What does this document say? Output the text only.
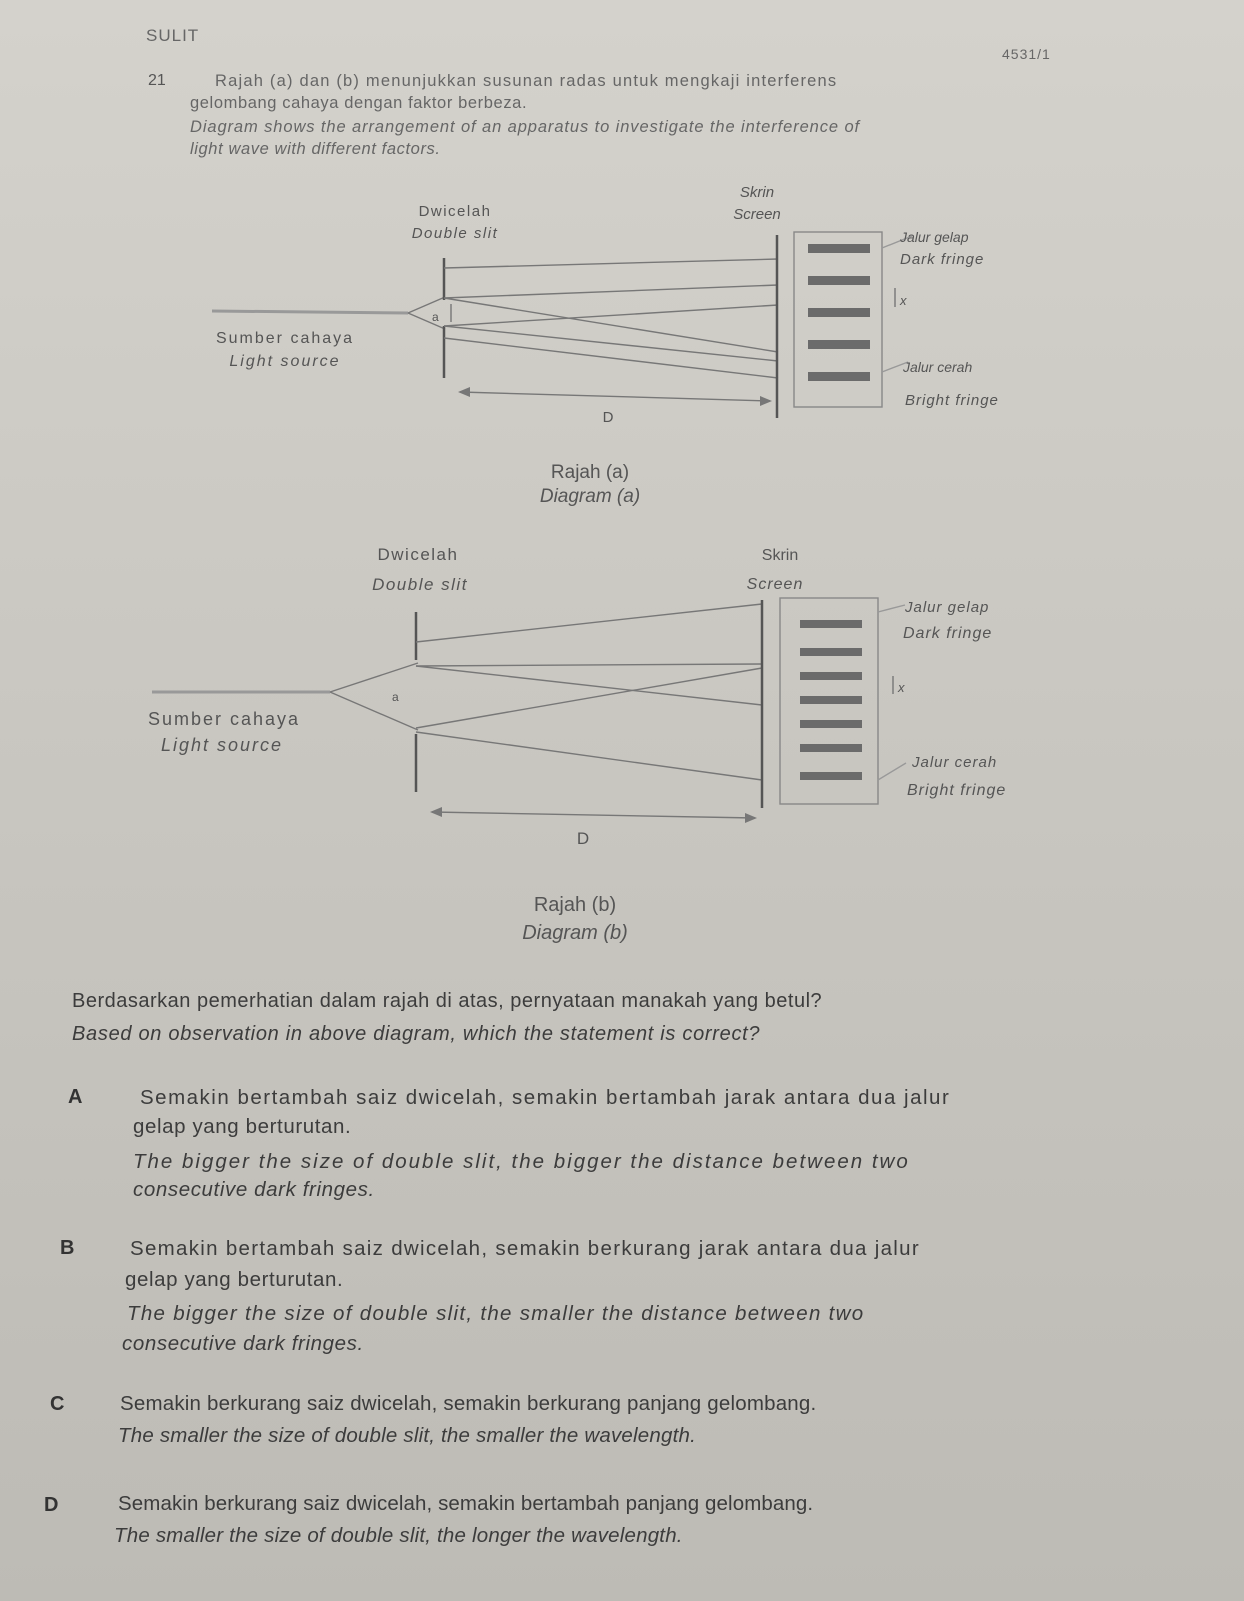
SULIT
4531/1
21	Rajah (a) dan (b) menunjukkan susunan radas untuk mengkaji interferens
gelombang cahaya dengan faktor berbeza.
Diagram shows the arrangement of an apparatus to investigate the interference of
light wave with different factors.
Skrin
Screen
Dwicelah
Double slit
Sumber cahaya
Light source
Jalur gelap
Dark fringe
Jalur cerah
Bright fringe
a
x
D
Rajah (a)
Diagram (a)
Skrin
Screen
Dwicelah
Double slit
Sumber cahaya
Light source
Jalur gelap
Dark fringe
Jalur cerah
Bright fringe
a
x
D
Rajah (b)
Diagram (b)
Berdasarkan pemerhatian dalam rajah di atas, pernyataan manakah yang betul?
Based on observation in above diagram, which the statement is correct?
A	Semakin bertambah saiz dwicelah, semakin bertambah jarak antara dua jalur
gelap yang berturutan.
The bigger the size of double slit, the bigger the distance between two
consecutive dark fringes.
B	Semakin bertambah saiz dwicelah, semakin berkurang jarak antara dua jalur
gelap yang berturutan.
The bigger the size of double slit, the smaller the distance between two
consecutive dark fringes.
C	Semakin berkurang saiz dwicelah, semakin berkurang panjang gelombang.
The smaller the size of double slit, the smaller the wavelength.
D	Semakin berkurang saiz dwicelah, semakin bertambah panjang gelombang.
The smaller the size of double slit, the longer the wavelength.
